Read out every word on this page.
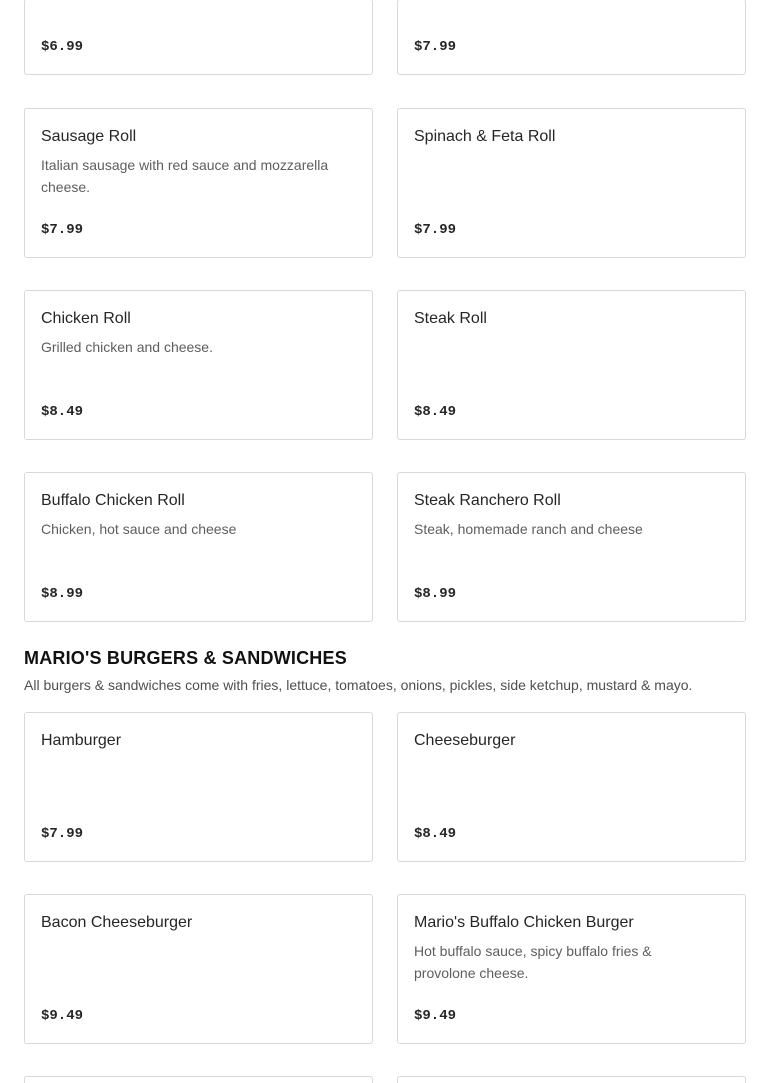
$6.99	$7.99
Sausage Roll
Italian sausage with red sauce and mozzarella cheese.
$7.99
Spinach & Feta Roll
$7.99
Chicken Roll
Grilled chicken and cheese.
$8.49
Steak Roll
$8.49
Buffalo Chicken Roll
Chicken, hot sauce and cheese
$8.99
Steak Ranchero Roll
Steak, homemade ranch and cheese
$8.99
MARIO'S BURGERS & SANDWICHES

All burgers & sandwiches come with fries, lettuce, tomatoes, onions, pickles, side ketchup, mustard & mayo.

Hamburger
$7.99
Cheeseburger
$8.49
Bacon Cheeseburger
$9.49
Mario's Buffalo Chicken Burger
Hot buffalo sauce, spicy buffalo fries & provolone cheese.
$9.49
